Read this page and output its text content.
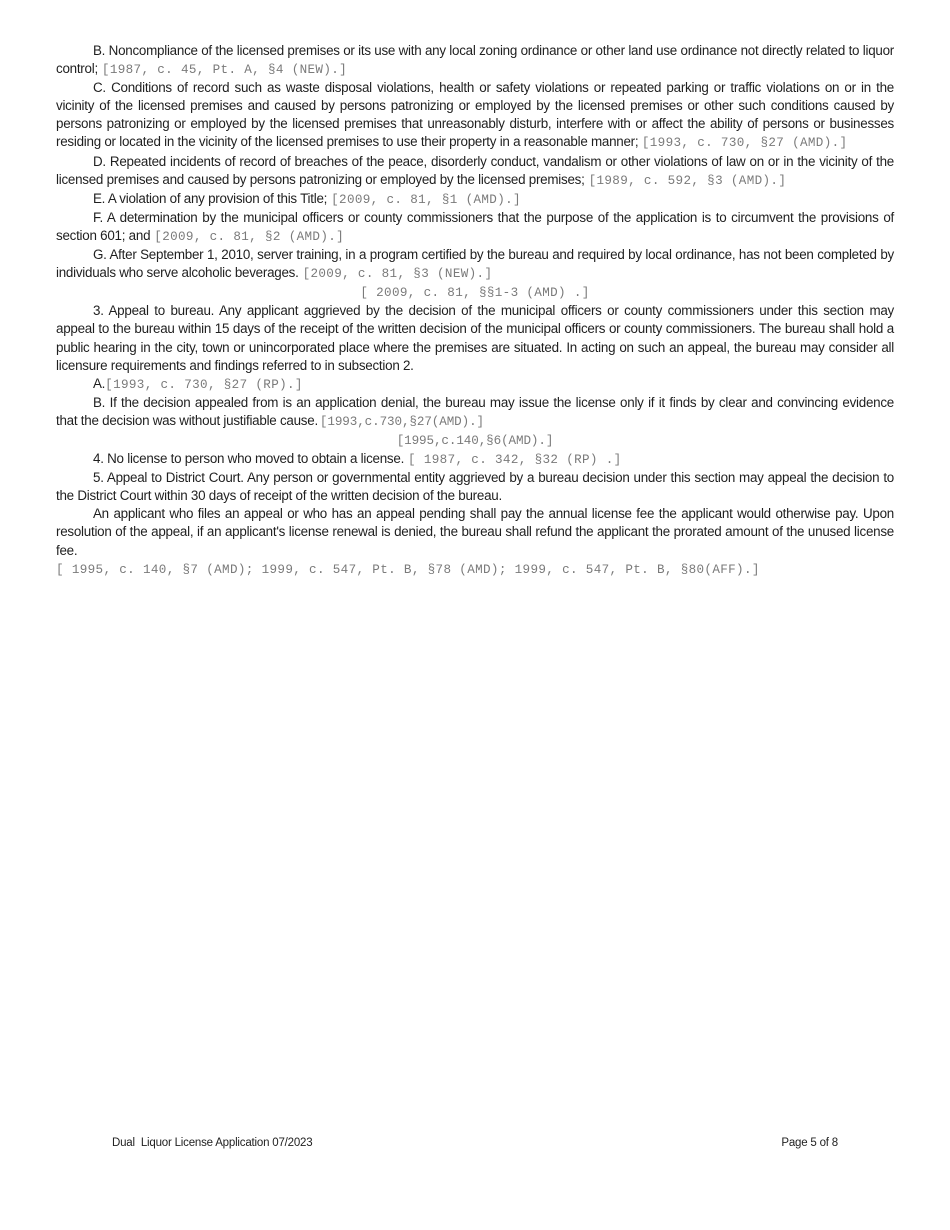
B. Noncompliance of the licensed premises or its use with any local zoning ordinance or other land use ordinance not directly related to liquor control; [1987, c. 45, Pt. A, §4 (NEW).]

C. Conditions of record such as waste disposal violations, health or safety violations or repeated parking or traffic violations on or in the vicinity of the licensed premises and caused by persons patronizing or employed by the licensed premises or other such conditions caused by persons patronizing or employed by the licensed premises that unreasonably disturb, interfere with or affect the ability of persons or businesses residing or located in the vicinity of the licensed premises to use their property in a reasonable manner; [1993, c. 730, §27 (AMD).]

D. Repeated incidents of record of breaches of the peace, disorderly conduct, vandalism or other violations of law on or in the vicinity of the licensed premises and caused by persons patronizing or employed by the licensed premises; [1989, c. 592, §3 (AMD).]

E. A violation of any provision of this Title; [2009, c. 81, §1 (AMD).]

F. A determination by the municipal officers or county commissioners that the purpose of the application is to circumvent the provisions of section 601; and [2009, c. 81, §2 (AMD).]

G. After September 1, 2010, server training, in a program certified by the bureau and required by local ordinance, has not been completed by individuals who serve alcoholic beverages. [2009, c. 81, §3 (NEW).]

[ 2009, c. 81, §§1-3 (AMD) .]

3. Appeal to bureau. Any applicant aggrieved by the decision of the municipal officers or county commissioners under this section may appeal to the bureau within 15 days of the receipt of the written decision of the municipal officers or county commissioners. The bureau shall hold a public hearing in the city, town or unincorporated place where the premises are situated. In acting on such an appeal, the bureau may consider all licensure requirements and findings referred to in subsection 2.

A.[1993, c. 730, §27 (RP).]

B. If the decision appealed from is an application denial, the bureau may issue the license only if it finds by clear and convincing evidence that the decision was without justifiable cause. [1993,c.730,§27(AMD).]

[1995,c.140,§6(AMD).]

4. No license to person who moved to obtain a license. [ 1987, c. 342, §32 (RP) .]

5. Appeal to District Court. Any person or governmental entity aggrieved by a bureau decision under this section may appeal the decision to the District Court within 30 days of receipt of the written decision of the bureau.

An applicant who files an appeal or who has an appeal pending shall pay the annual license fee the applicant would otherwise pay. Upon resolution of the appeal, if an applicant's license renewal is denied, the bureau shall refund the applicant the prorated amount of the unused license fee.

[ 1995, c. 140, §7 (AMD); 1999, c. 547, Pt. B, §78 (AMD); 1999, c. 547, Pt. B, §80(AFF).]

Dual  Liquor License Application 07/2023	Page 5 of 8
